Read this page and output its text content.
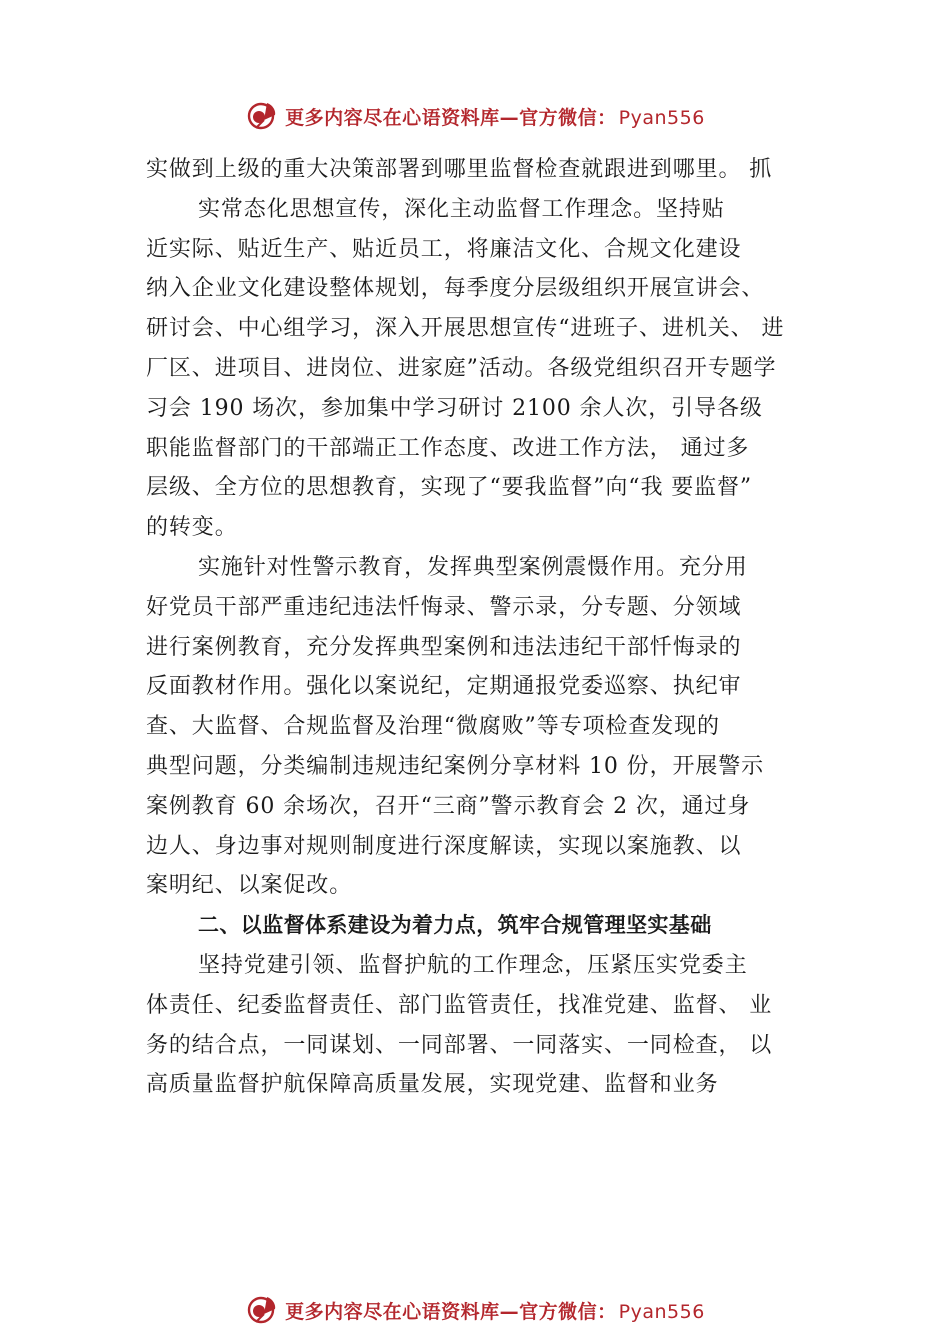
更多内容尽在心语资料库—官方微信： Pyan556
实做到上级的重大决策部署到哪里监督检查就跟进到哪里。 抓
实常态化思想宣传，深化主动监督工作理念。坚持贴
近实际、贴近生产、贴近员工，将廉洁文化、合规文化建设
纳入企业文化建设整体规划，每季度分层级组织开展宣讲会、
研讨会、中心组学习，深入开展思想宣传“进班子、进机关、 进
厂区、进项目、进岗位、进家庭”活动。各级党组织召开专题学
习会 190 场次，参加集中学习研讨 2100 余人次，引导各级
职能监督部门的干部端正工作态度、改进工作方法， 通过多
层级、全方位的思想教育，实现了“要我监督”向“我 要监督”
的转变。
实施针对性警示教育，发挥典型案例震慑作用。充分用
好党员干部严重违纪违法忏悔录、警示录，分专题、分领域
进行案例教育，充分发挥典型案例和违法违纪干部忏悔录的
反面教材作用。强化以案说纪，定期通报党委巡察、执纪审
查、大监督、合规监督及治理“微腐败”等专项检查发现的
典型问题，分类编制违规违纪案例分享材料 10 份，开展警示
案例教育 60 余场次，召开“三商”警示教育会 2 次，通过身
边人、身边事对规则制度进行深度解读，实现以案施教、以
案明纪、以案促改。
二、以监督体系建设为着力点，筑牢合规管理坚实基础
坚持党建引领、监督护航的工作理念，压紧压实党委主
体责任、纪委监督责任、部门监管责任，找准党建、监督、 业
务的结合点，一同谋划、一同部署、一同落实、一同检查， 以
高质量监督护航保障高质量发展，实现党建、监督和业务
更多内容尽在心语资料库—官方微信： Pyan556
